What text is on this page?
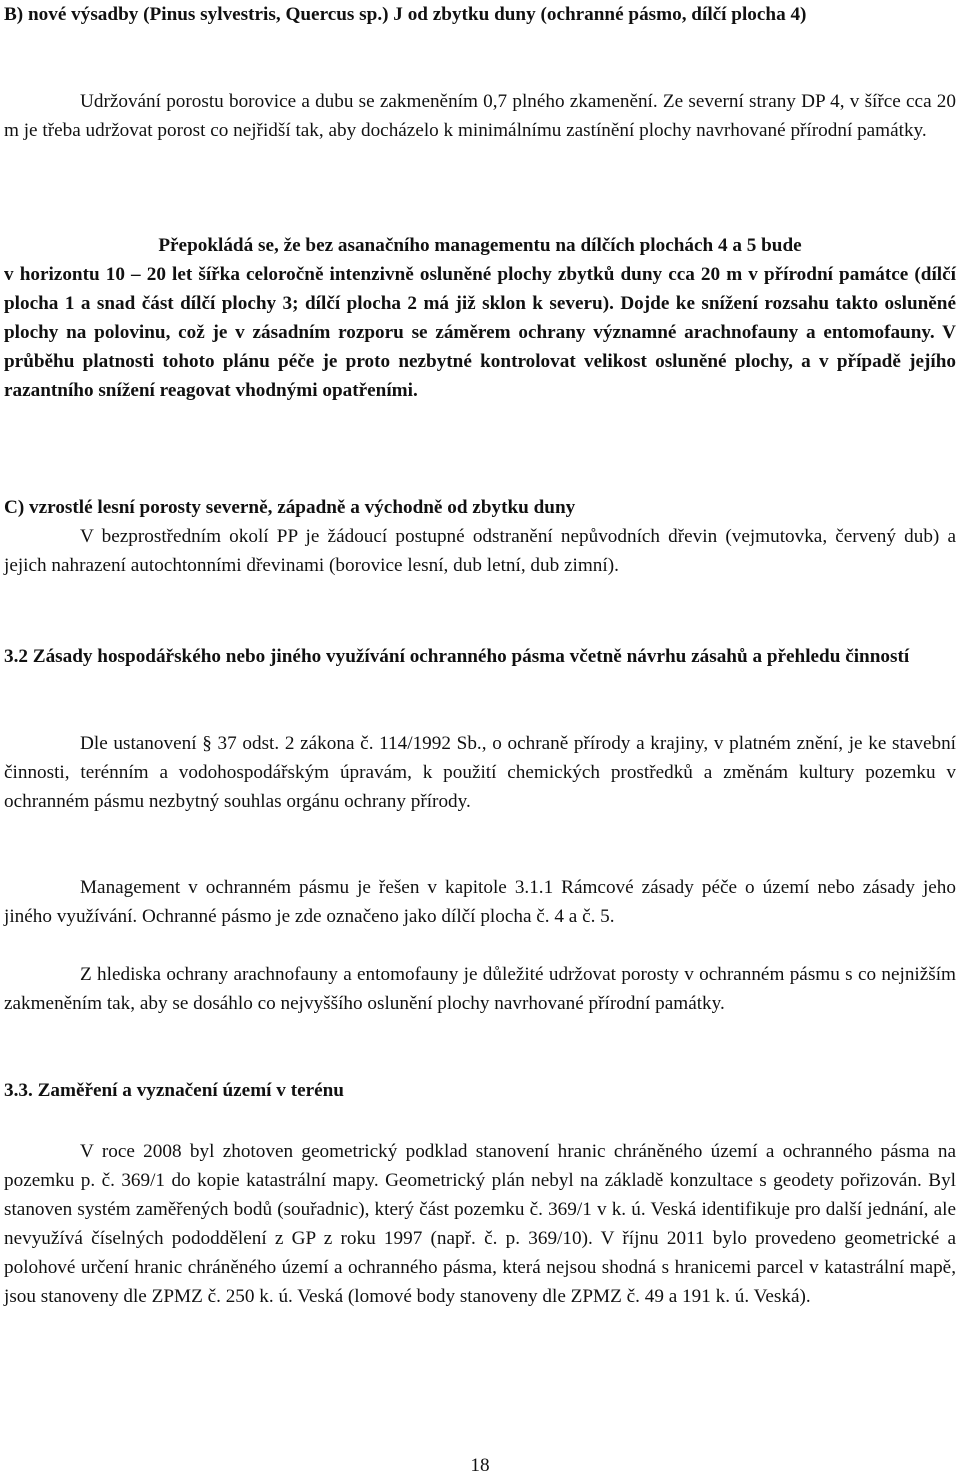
B) nové výsadby (Pinus sylvestris, Quercus sp.) J od zbytku duny (ochranné pásmo, dílčí plocha 4)

Udržování porostu borovice a dubu se zakmeněním 0,7 plného zkamenění. Ze severní strany DP 4, v šířce cca 20 m je třeba udržovat porost co nejřidší tak, aby docházelo k minimálnímu zastínění plochy navrhované přírodní památky.

Přepokládá se, že bez asanačního managementu na dílčích plochách 4 a 5 bude

v horizontu 10 – 20 let šířka celoročně intenzivně osluněné plochy zbytků duny cca 20 m v přírodní památce (dílčí plocha 1 a snad část dílčí plochy 3; dílčí plocha 2 má již sklon k severu). Dojde ke snížení rozsahu takto osluněné plochy na polovinu, což je v zásadním rozporu se záměrem ochrany významné arachnofauny a entomofauny. V průběhu platnosti tohoto plánu péče je proto nezbytné kontrolovat velikost osluněné plochy, a v případě jejího razantního snížení reagovat vhodnými opatřeními.

C) vzrostlé lesní porosty severně, západně a východně od zbytku duny

V bezprostředním okolí PP je žádoucí postupné odstranění nepůvodních dřevin (vejmutovka, červený dub) a jejich nahrazení autochtonními dřevinami (borovice lesní, dub letní, dub zimní).

3.2 Zásady hospodářského nebo jiného využívání ochranného pásma včetně návrhu zásahů a přehledu činností

Dle ustanovení § 37 odst. 2 zákona č. 114/1992 Sb., o ochraně přírody a krajiny, v platném znění, je ke stavební činnosti, terénním a vodohospodářským úpravám, k použití chemických prostředků a změnám kultury pozemku v ochranném pásmu nezbytný souhlas orgánu ochrany přírody.

Management v ochranném pásmu je řešen v kapitole 3.1.1 Rámcové zásady péče o území nebo zásady jeho jiného využívání. Ochranné pásmo je zde označeno jako dílčí plocha č. 4 a č. 5.

Z hlediska ochrany arachnofauny a entomofauny je důležité udržovat porosty v ochranném pásmu s co nejnižším zakmeněním tak, aby se dosáhlo co nejvyššího oslunění plochy navrhované přírodní památky.

3.3. Zaměření a vyznačení území v terénu

V roce 2008 byl zhotoven geometrický podklad stanovení hranic chráněného území a ochranného pásma na pozemku p. č. 369/1 do kopie katastrální mapy. Geometrický plán nebyl na základě konzultace s geodety pořizován. Byl stanoven systém zaměřených bodů (souřadnic), který část pozemku č. 369/1 v k. ú. Veská identifikuje pro další jednání, ale nevyužívá číselných pododdělení z GP z roku 1997 (např. č. p. 369/10). V říjnu 2011 bylo provedeno geometrické a polohové určení hranic chráněného území a ochranného pásma, která nejsou shodná s hranicemi parcel v katastrální mapě, jsou stanoveny dle ZPMZ č. 250 k. ú. Veská (lomové body stanoveny dle ZPMZ č. 49 a 191 k. ú. Veská).

18
